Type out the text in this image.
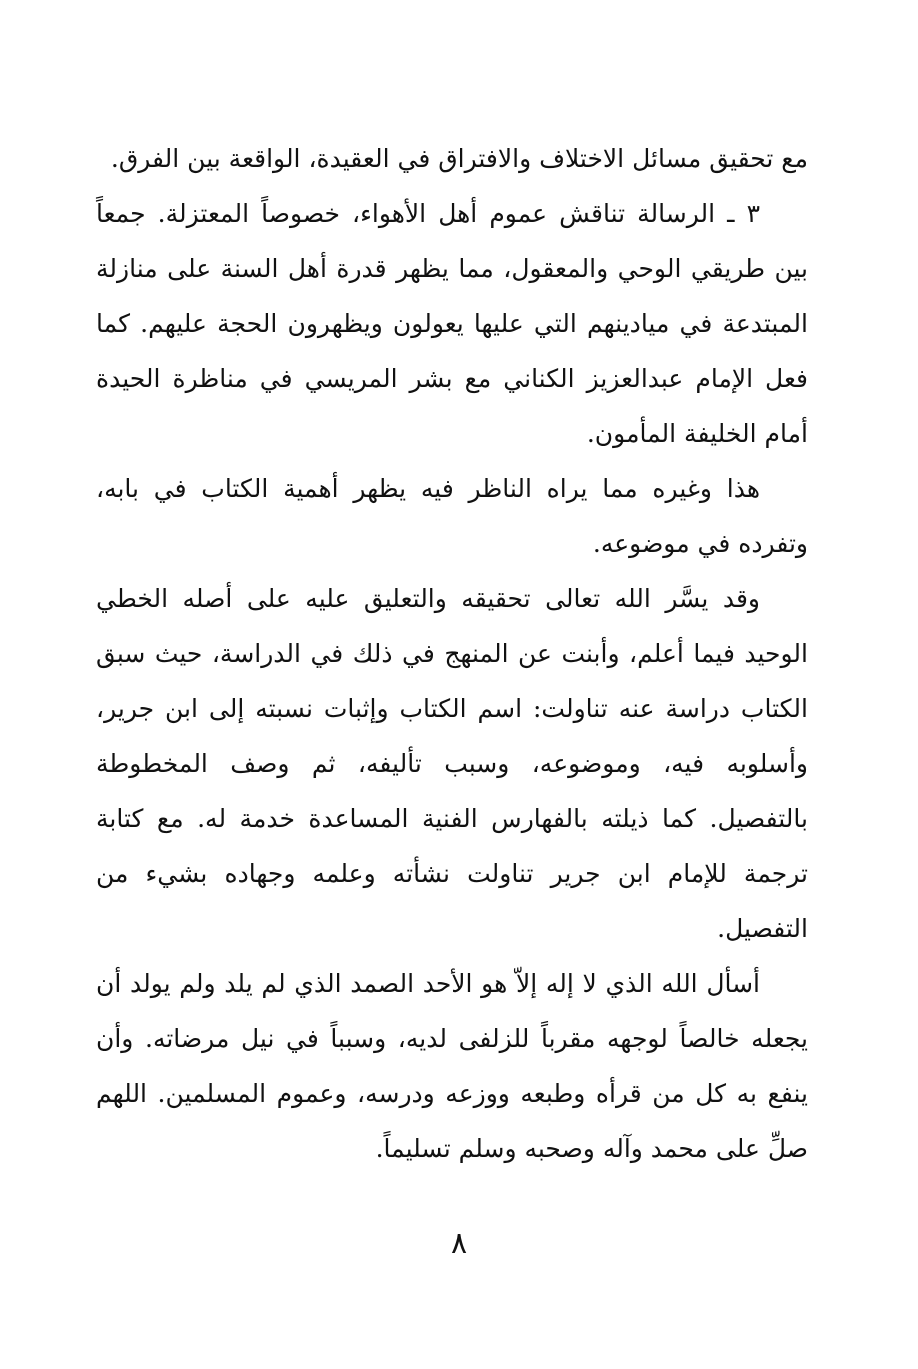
مع تحقيق مسائل الاختلاف والافتراق في العقيدة، الواقعة بين الفرق.

٣ ـ الرسالة تناقش عموم أهل الأهواء، خصوصاً المعتزلة. جمعاً بين طريقي الوحي والمعقول، مما يظهر قدرة أهل السنة على منازلة المبتدعة في ميادينهم التي عليها يعولون ويظهرون الحجة عليهم. كما فعل الإمام عبدالعزيز الكناني مع بشر المريسي في مناظرة الحيدة أمام الخليفة المأمون.

هذا وغيره مما يراه الناظر فيه يظهر أهمية الكتاب في بابه، وتفرده في موضوعه.

وقد يسَّر الله تعالى تحقيقه والتعليق عليه على أصله الخطي الوحيد فيما أعلم، وأبنت عن المنهج في ذلك في الدراسة، حيث سبق الكتاب دراسة عنه تناولت: اسم الكتاب وإثبات نسبته إلى ابن جرير، وأسلوبه فيه، وموضوعه، وسبب تأليفه، ثم وصف المخطوطة بالتفصيل. كما ذيلته بالفهارس الفنية المساعدة خدمة له. مع كتابة ترجمة للإمام ابن جرير تناولت نشأته وعلمه وجهاده بشيء من التفصيل.

أسأل الله الذي لا إله إلاّ هو الأحد الصمد الذي لم يلد ولم يولد أن يجعله خالصاً لوجهه مقرباً للزلفى لديه، وسبباً في نيل مرضاته. وأن ينفع به كل من قرأه وطبعه ووزعه ودرسه، وعموم المسلمين. اللهم صلِّ على محمد وآله وصحبه وسلم تسليماً.

٨
